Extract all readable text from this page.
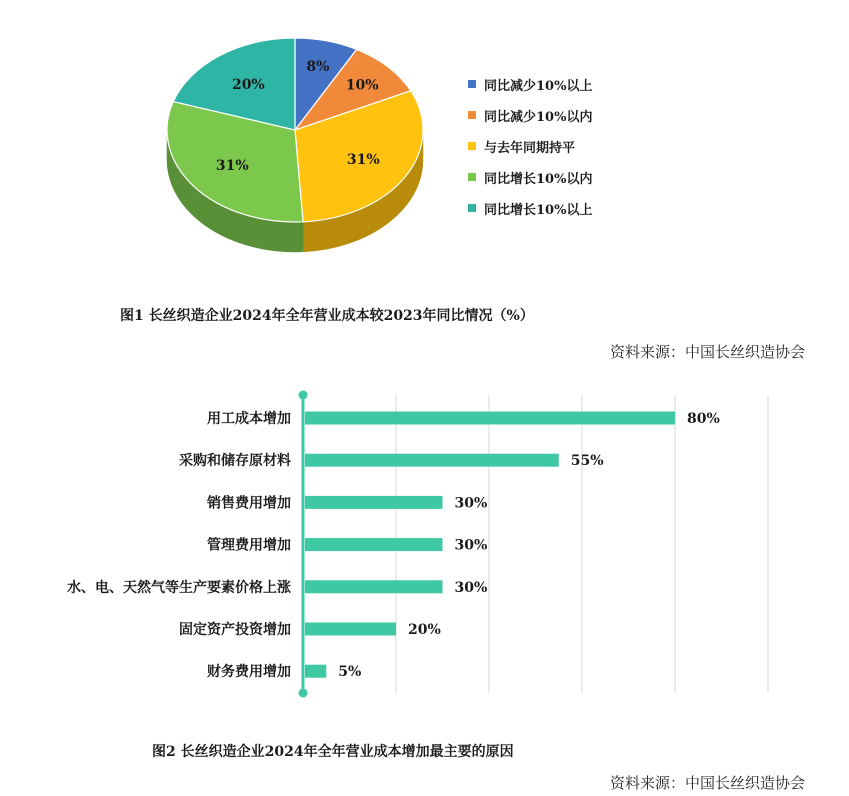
8%
10%
31%
31%
20%	同比减少10%以上
同比减少10%以内
与去年同期持平
同比增长10%以内
同比增长10%以上
图1 长丝织造企业2024年全年营业成本较2023年同比情况（%）
资料来源：中国长丝织造协会
用工成本增加	80%
采购和储存原材料	55%
销售费用增加	30%
管理费用增加	30%
水、电、天然气等生产要素价格上涨	30%
固定资产投资增加	20%
财务费用增加	5%
图2 长丝织造企业2024年全年营业成本增加最主要的原因
资料来源：中国长丝织造协会
